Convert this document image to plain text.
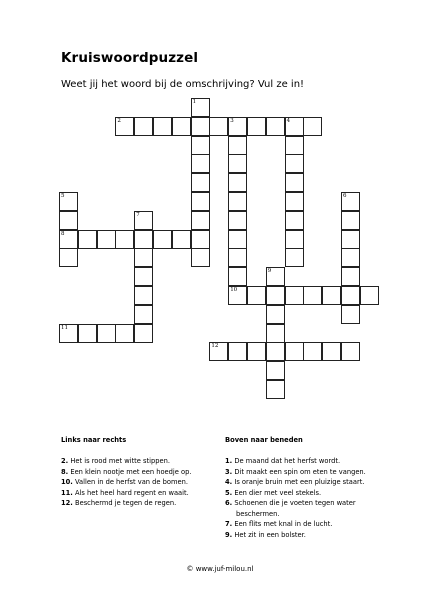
Kruiswoordpuzzel
Weet jij het woord bij de omschrijving? Vul ze in!
1
2	3	4
10
5
8
6
7
9
11
12
Links naar rechts
2. Het is rood met witte stippen.
8. Een klein nootje met een hoedje op.
10. Vallen in de herfst van de bomen.
11. Als het heel hard regent en waait.
12. Beschermd je tegen de regen.
Boven naar beneden
1. De maand dat het herfst wordt.
3. Dit maakt een spin om eten te vangen.
4. Is oranje bruin met een pluizige staart.
5. Een dier met veel stekels.
6. Schoenen die je voeten tegen water beschermen.
7. Een flits met knal in de lucht.
9. Het zit in een bolster.
© www.juf-milou.nl
